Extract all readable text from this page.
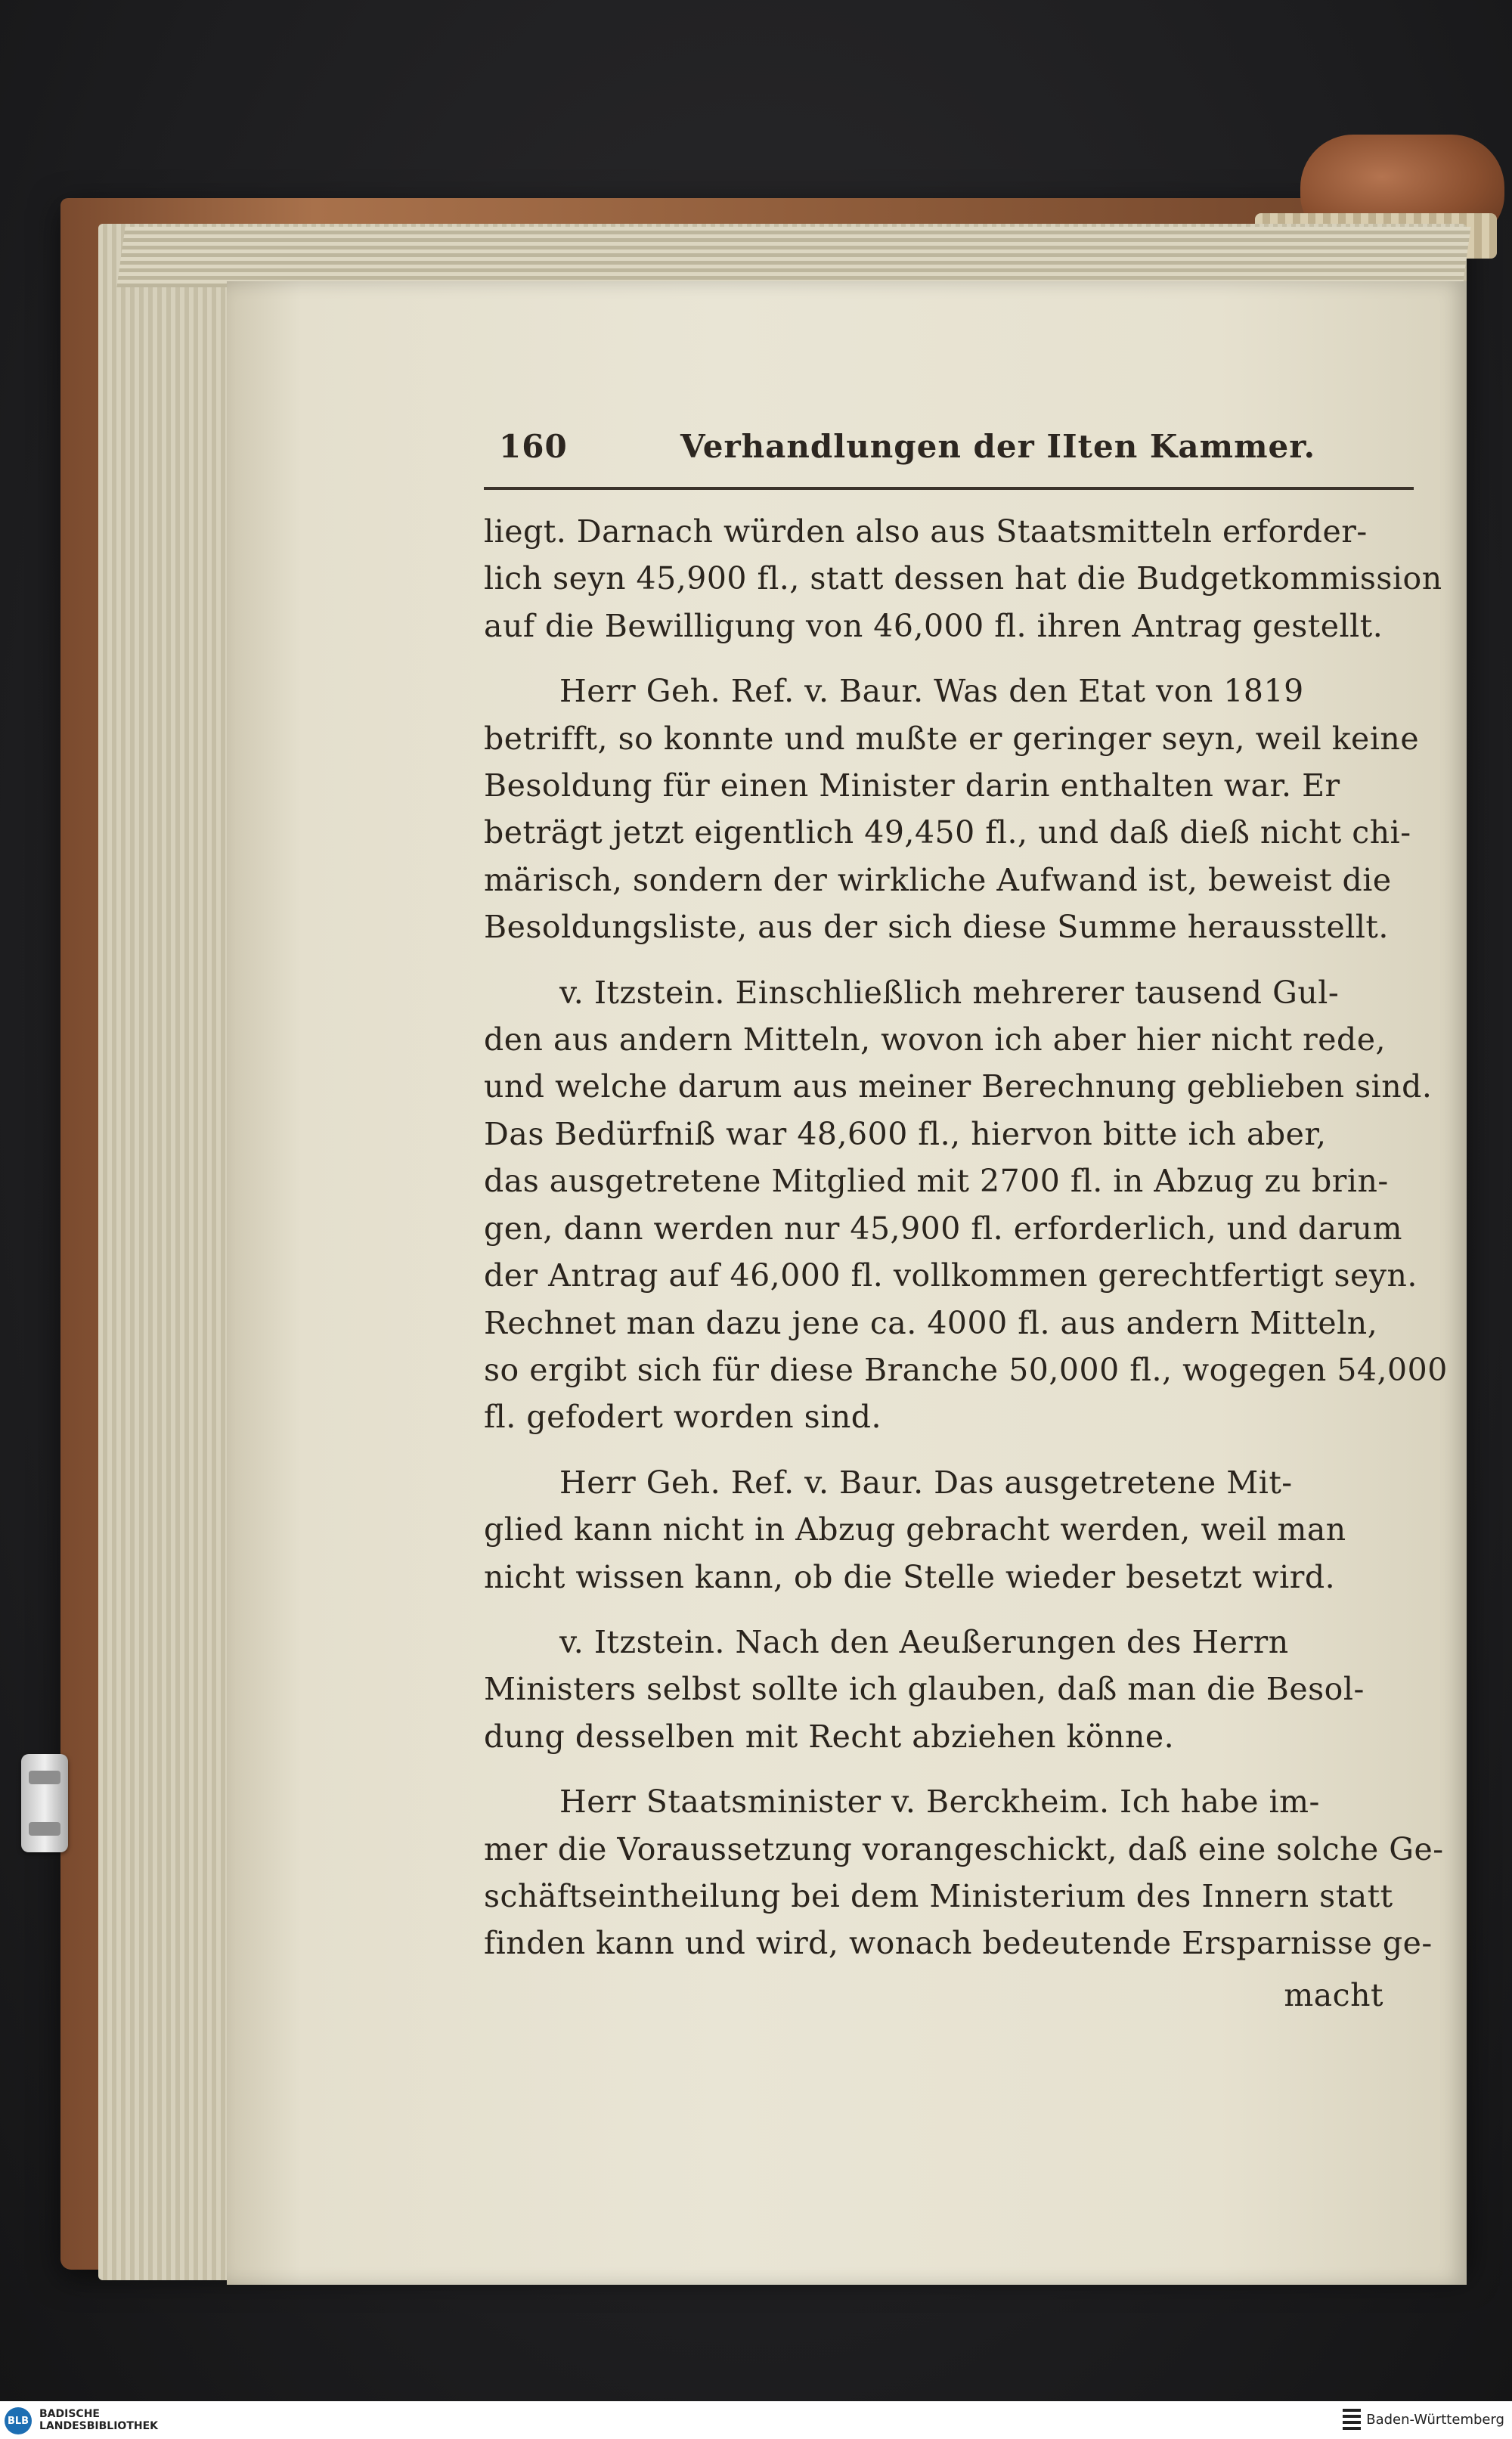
160	Verhandlungen der IIten Kammer.

liegt. Darnach würden also aus Staatsmitteln erforder-
lich seyn 45,900 fl., statt dessen hat die Budgetkommission
auf die Bewilligung von 46,000 fl. ihren Antrag gestellt.

Herr Geh. Ref. v. Baur. Was den Etat von 1819
betrifft, so konnte und mußte er geringer seyn, weil keine
Besoldung für einen Minister darin enthalten war. Er
beträgt jetzt eigentlich 49,450 fl., und daß dieß nicht chi-
märisch, sondern der wirkliche Aufwand ist, beweist die
Besoldungsliste, aus der sich diese Summe herausstellt.

v. Itzstein. Einschließlich mehrerer tausend Gul-
den aus andern Mitteln, wovon ich aber hier nicht rede,
und welche darum aus meiner Berechnung geblieben sind.
Das Bedürfniß war 48,600 fl., hiervon bitte ich aber,
das ausgetretene Mitglied mit 2700 fl. in Abzug zu brin-
gen, dann werden nur 45,900 fl. erforderlich, und darum
der Antrag auf 46,000 fl. vollkommen gerechtfertigt seyn.
Rechnet man dazu jene ca. 4000 fl. aus andern Mitteln,
so ergibt sich für diese Branche 50,000 fl., wogegen 54,000
fl. gefodert worden sind.

Herr Geh. Ref. v. Baur. Das ausgetretene Mit-
glied kann nicht in Abzug gebracht werden, weil man
nicht wissen kann, ob die Stelle wieder besetzt wird.

v. Itzstein. Nach den Aeußerungen des Herrn
Ministers selbst sollte ich glauben, daß man die Besol-
dung desselben mit Recht abziehen könne.

Herr Staatsminister v. Berckheim. Ich habe im-
mer die Voraussetzung vorangeschickt, daß eine solche Ge-
schäftseintheilung bei dem Ministerium des Innern statt
finden kann und wird, wonach bedeutende Ersparnisse ge-

macht
BLB
BADISCHE
LANDESBIBLIOTHEK	Baden-Württemberg
